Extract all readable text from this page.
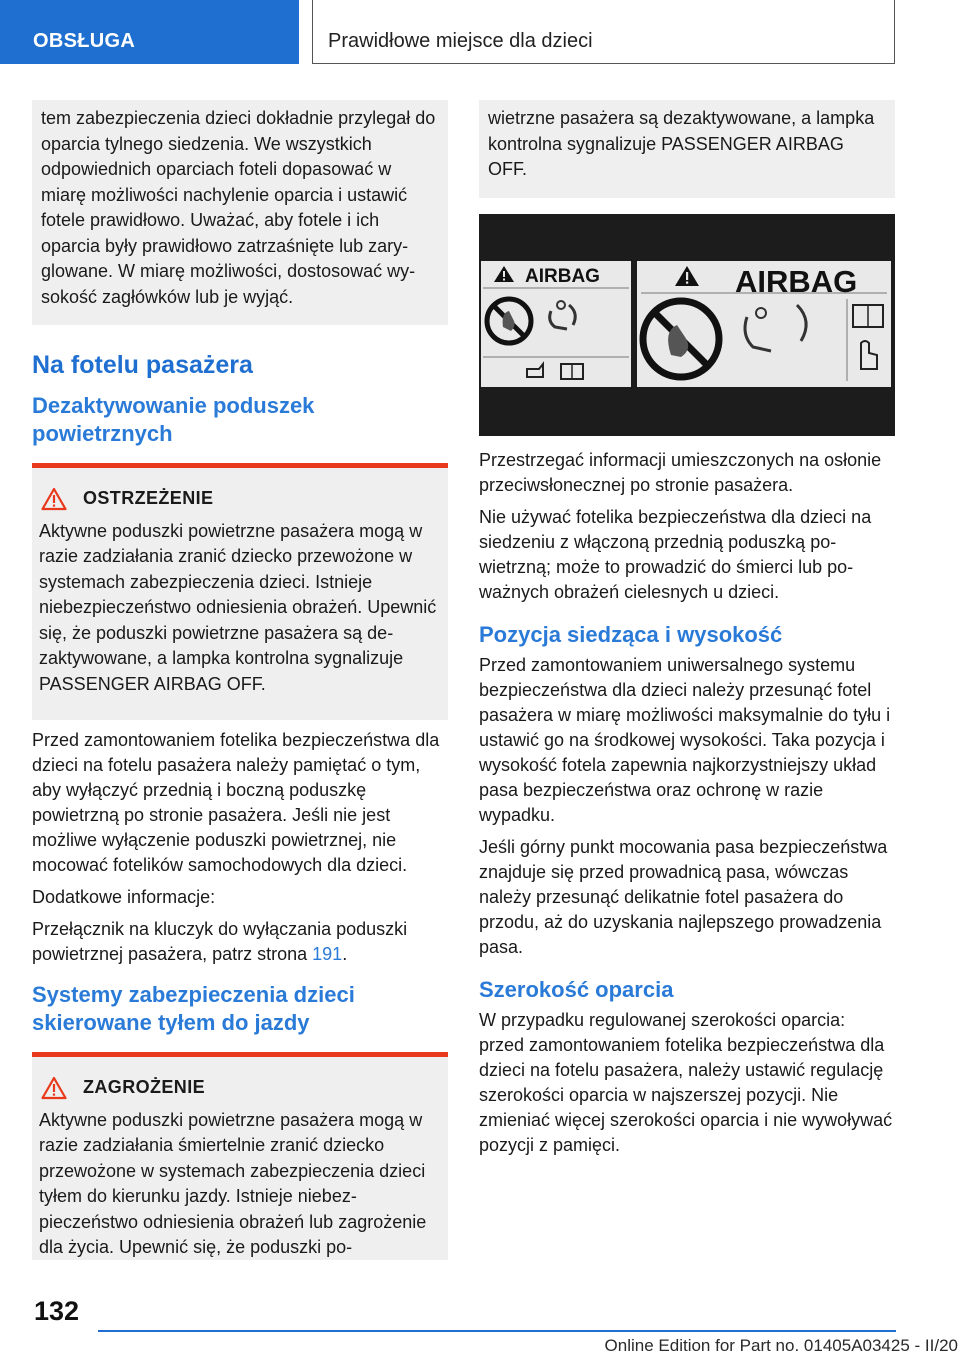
OBSŁUGA	Prawidłowe miejsce dla dzieci
tem zabezpieczenia dzieci dokładnie przylegał do oparcia tylnego siedzenia. We wszystkich odpowiednich oparciach foteli dopasować w miarę możliwości nachylenie oparcia i ustawić fotele prawidłowo. Uważać, aby fotele i ich oparcia były prawidłowo zatrzaśnięte lub zaryglowane. W miarę możliwości, dostosować wysokość zagłówków lub je wyjąć.
Na fotelu pasażera
Dezaktywowanie poduszek powietrznych
OSTRZEŻENIE
Aktywne poduszki powietrzne pasażera mogą w razie zadziałania zranić dziecko przewożone w systemach zabezpieczenia dzieci. Istnieje niebezpieczeństwo odniesienia obrażeń. Upewnić się, że poduszki powietrzne pasażera są dezaktywowane, a lampka kontrolna sygnalizuje PASSENGER AIRBAG OFF.
Przed zamontowaniem fotelika bezpieczeństwa dla dzieci na fotelu pasażera należy pamiętać o tym, aby wyłączyć przednią i boczną poduszkę powietrzną po stronie pasażera. Jeśli nie jest możliwe wyłączenie poduszki powietrznej, nie mocować fotelików samochodowych dla dzieci.
Dodatkowe informacje:
Przełącznik na kluczyk do wyłączania poduszki powietrznej pasażera, patrz strona 191.
Systemy zabezpieczenia dzieci skierowane tyłem do jazdy
ZAGROŻENIE
Aktywne poduszki powietrzne pasażera mogą w razie zadziałania śmiertelnie zranić dziecko przewożone w systemach zabezpieczenia dzieci tyłem do kierunku jazdy. Istnieje niebezpieczeństwo odniesienia obrażeń lub zagrożenie dla życia. Upewnić się, że poduszki po-
wietrzne pasażera są dezaktywowane, a lampka kontrolna sygnalizuje PASSENGER AIRBAG OFF.
AIRBAG	AIRBAG
Przestrzegać informacji umieszczonych na osłonie przeciwsłonecznej po stronie pasażera.
Nie używać fotelika bezpieczeństwa dla dzieci na siedzeniu z włączoną przednią poduszką powietrzną; może to prowadzić do śmierci lub poważnych obrażeń cielesnych u dzieci.
Pozycja siedząca i wysokość
Przed zamontowaniem uniwersalnego systemu bezpieczeństwa dla dzieci należy przesunąć fotel pasażera w miarę możliwości maksymalnie do tyłu i ustawić go na środkowej wysokości. Taka pozycja i wysokość fotela zapewnia najkorzystniejszy układ pasa bezpieczeństwa oraz ochronę w razie wypadku.
Jeśli górny punkt mocowania pasa bezpieczeństwa znajduje się przed prowadnicą pasa, wówczas należy przesunąć delikatnie fotel pasażera do przodu, aż do uzyskania najlepszego prowadzenia pasa.
Szerokość oparcia
W przypadku regulowanej szerokości oparcia: przed zamontowaniem fotelika bezpieczeństwa dla dzieci na fotelu pasażera, należy ustawić regulację szerokości oparcia w najszerszej pozycji. Nie zmieniać więcej szerokości oparcia i nie wywoływać pozycji z pamięci.
132
Online Edition for Part no. 01405A03425 - II/20
